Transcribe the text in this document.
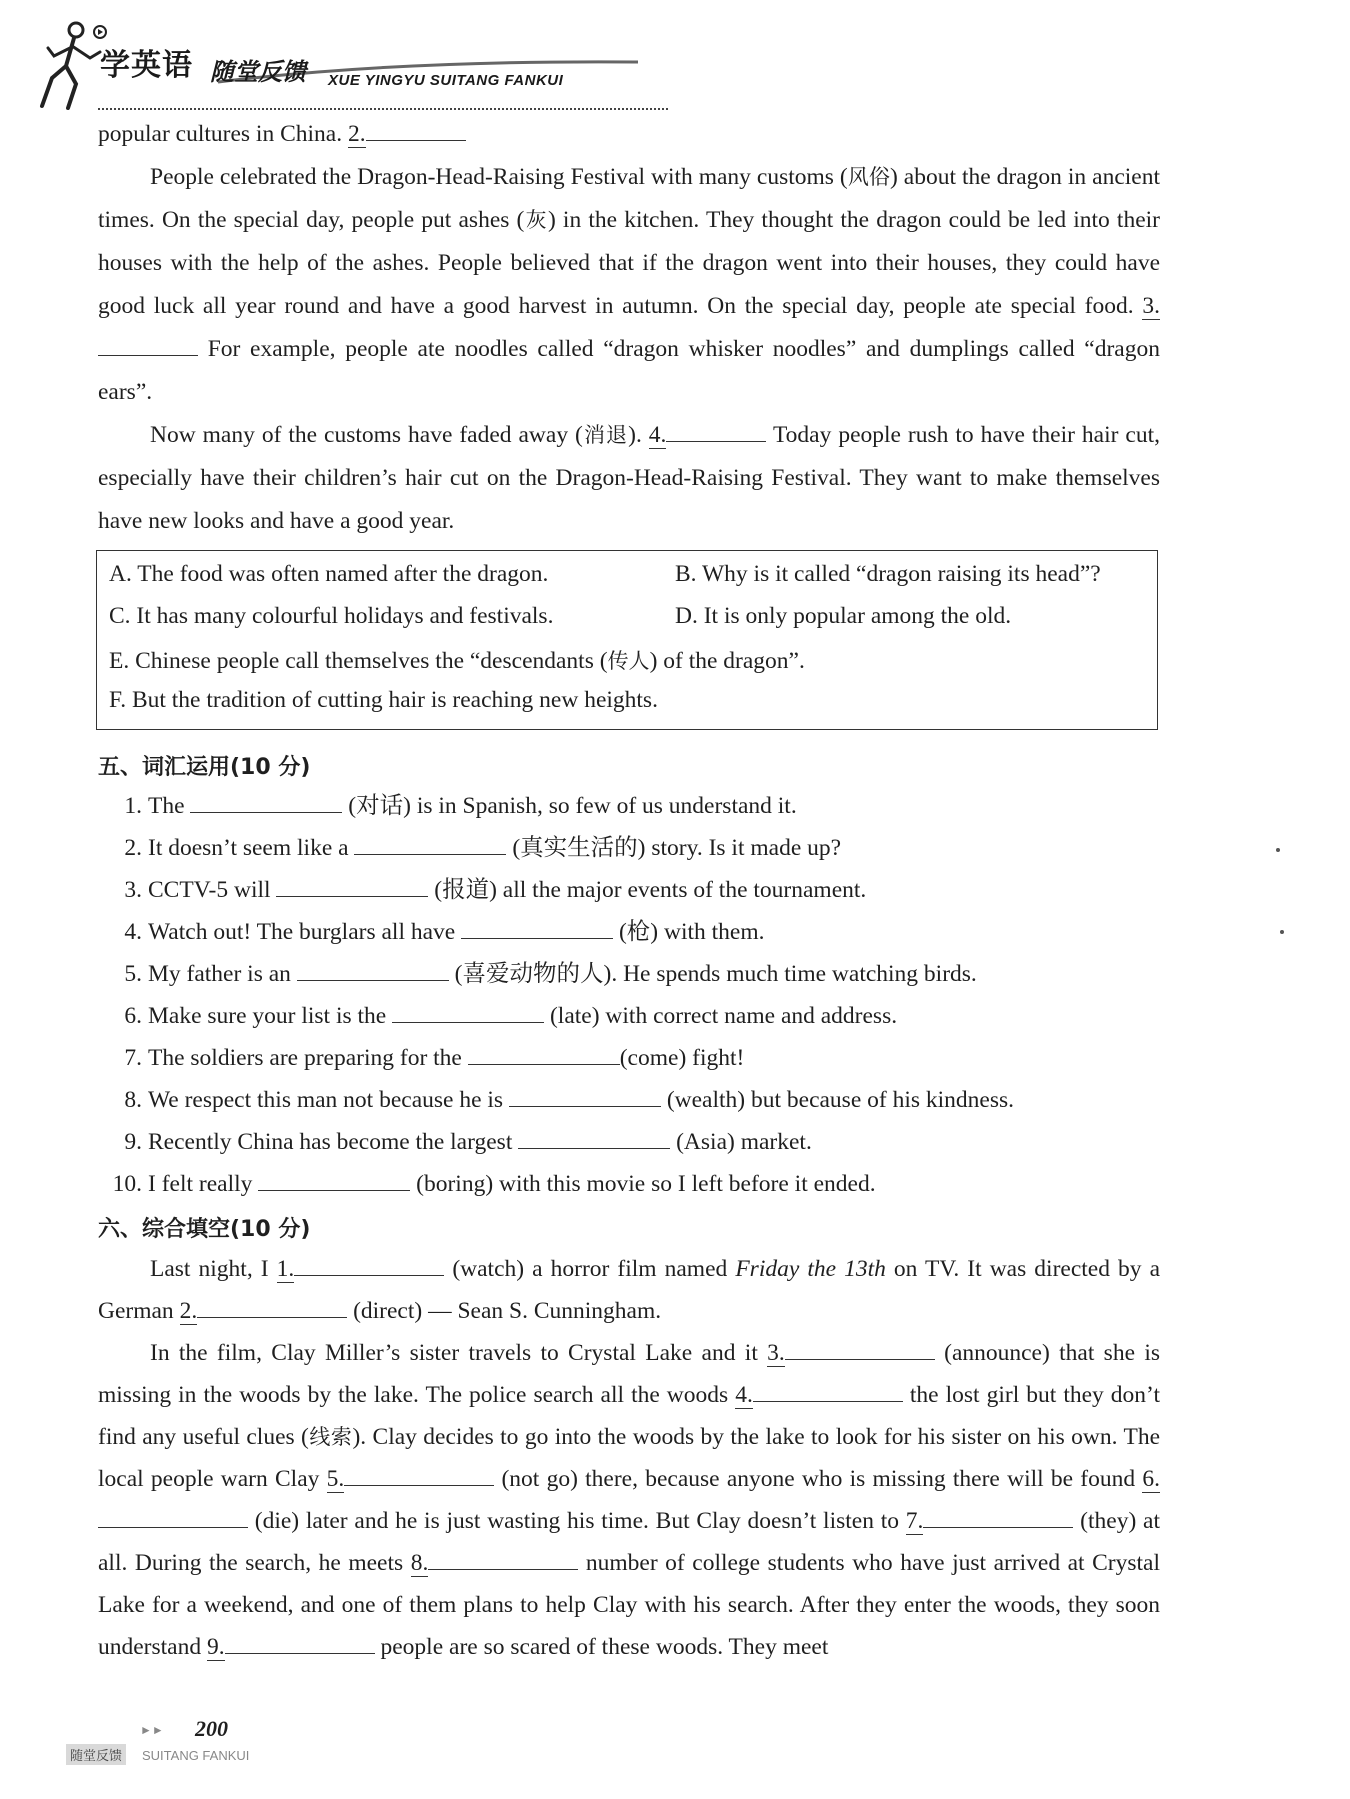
学英语 随堂反馈 XUE YINGYU SUITANG FANKUI

popular cultures in China. 2.

People celebrated the Dragon-Head-Raising Festival with many customs (风俗) about the dragon in ancient times. On the special day, people put ashes (灰) in the kitchen. They thought the dragon could be led into their houses with the help of the ashes. People believed that if the dragon went into their houses, they could have good luck all year round and have a good harvest in autumn. On the special day, people ate special food. 3. For example, people ate noodles called “dragon whisker noodles” and dumplings called “dragon ears”.

Now many of the customs have faded away (消退). 4.	Today people rush to have their hair cut, especially have their children’s hair cut on the Dragon-Head-Raising Festival. They want to make themselves have new looks and have a good year.

A. The food was often named after the dragon.	B. Why is it called “dragon raising its head”?
C. It has many colourful holidays and festivals.	D. It is only popular among the old.
E. Chinese people call themselves the “descendants (传人) of the dragon”.
F. But the tradition of cutting hair is reaching new heights.
五、词汇运用(10 分)
1. The	(对话) is in Spanish, so few of us understand it.
2. It doesn’t seem like a	(真实生活的) story. Is it made up?
3. CCTV-5 will	(报道) all the major events of the tournament.
4. Watch out! The burglars all have	(枪) with them.
5. My father is an	(喜爱动物的人). He spends much time watching birds.
6. Make sure your list is the	(late) with correct name and address.
7. The soldiers are preparing for the	(come) fight!
8. We respect this man not because he is	(wealth) but because of his kindness.
9. Recently China has become the largest	(Asia) market.
10. I felt really	(boring) with this movie so I left before it ended.
六、综合填空(10 分)

Last night, I 1.	(watch) a horror film named Friday the 13th on TV. It was directed by a German 2.	(direct) — Sean S. Cunningham.

In the film, Clay Miller’s sister travels to Crystal Lake and it 3.	(announce) that she is missing in the woods by the lake. The police search all the woods 4.	the lost girl but they don’t find any useful clues (线索). Clay decides to go into the woods by the lake to look for his sister on his own. The local people warn Clay 5.	(not go) there, because anyone who is missing there will be found 6. (die) later and he is just wasting his time. But Clay doesn’t listen to 7.	(they) at all. During the search, he meets 8.	number of college students who have just arrived at Crystal Lake for a weekend, and one of them plans to help Clay with his search. After they enter the woods, they soon understand 9.	people are so scared of these woods. They meet

►► 200
随堂反馈	SUITANG FANKUI
